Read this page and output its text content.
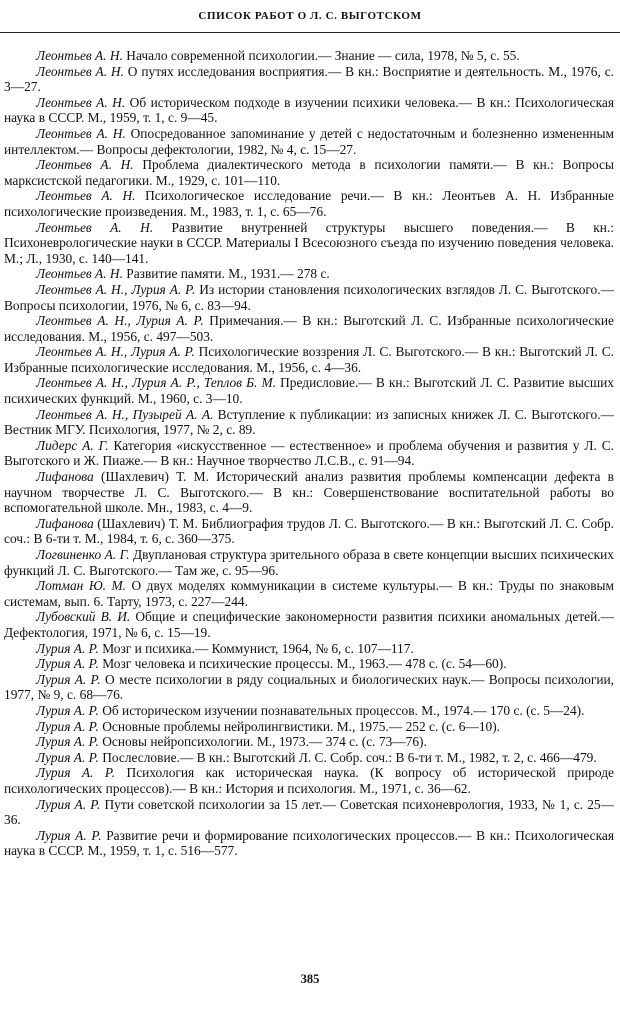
СПИСОК РАБОТ О Л. С. ВЫГОТСКОМ

Леонтьев А. Н. Начало современной психологии.— Знание — сила, 1978, № 5, с. 55.

Леонтьев А. Н. О путях исследования восприятия.— В кн.: Восприятие и деятельность. М., 1976, с. 3—27.

Леонтьев А. Н. Об историческом подходе в изучении психики человека.— В кн.: Психологическая наука в СССР. М., 1959, т. 1, с. 9—45.

Леонтьев А. Н. Опосредованное запоминание у детей с недостаточным и болезненно измененным интеллектом.— Вопросы дефектологии, 1982, № 4, с. 15—27.

Леонтьев А. Н. Проблема диалектического метода в психологии памяти.— В кн.: Вопросы марксистской педагогики. М., 1929, с. 101—110.

Леонтьев А. Н. Психологическое исследование речи.— В кн.: Леонтьев А. Н. Избранные психологические произведения. М., 1983, т. 1, с. 65—76.

Леонтьев А. Н. Развитие внутренней структуры высшего поведения.— В кн.: Психоневрологические науки в СССР. Материалы I Всесоюзного съезда по изучению поведения человека. М.; Л., 1930, с. 140—141.

Леонтьев А. Н. Развитие памяти. М., 1931.— 278 с.

Леонтьев А. Н., Лурия А. Р. Из истории становления психологических взглядов Л. С. Выготского.— Вопросы психологии, 1976, № 6, с. 83—94.

Леонтьев А. Н., Лурия А. Р. Примечания.— В кн.: Выготский Л. С. Избранные психологические исследования. М., 1956, с. 497—503.

Леонтьев А. Н., Лурия А. Р. Психологические воззрения Л. С. Выготского.— В кн.: Выготский Л. С. Избранные психологические исследования. М., 1956, с. 4—36.

Леонтьев А. Н., Лурия А. Р., Теплов Б. М. Предисловие.— В кн.: Выготский Л. С. Развитие высших психических функций. М., 1960, с. 3—10.

Леонтьев А. Н., Пузырей А. А. Вступление к публикации: из записных книжек Л. С. Выготского.— Вестник МГУ. Психология, 1977, № 2, с. 89.

Лидерс А. Г. Категория «искусственное — естественное» и проблема обучения и развития у Л. С. Выготского и Ж. Пиаже.— В кн.: Научное творчество Л.С.В., с. 91—94.

Лифанова (Шахлевич) Т. М. Исторический анализ развития проблемы компенсации дефекта в научном творчестве Л. С. Выготского.— В кн.: Совершенствование воспитательной работы во вспомогательной школе. Мн., 1983, с. 4—9.

Лифанова (Шахлевич) Т. М. Библиография трудов Л. С. Выготского.— В кн.: Выготский Л. С. Собр. соч.: В 6-ти т. М., 1984, т. 6, с. 360—375.

Логвиненко А. Г. Двуплановая структура зрительного образа в свете концепции высших психических функций Л. С. Выготского.— Там же, с. 95—96.

Лотман Ю. М. О двух моделях коммуникации в системе культуры.— В кн.: Труды по знаковым системам, вып. 6. Тарту, 1973, с. 227—244.

Лубовский В. И. Общие и специфические закономерности развития психики аномальных детей.— Дефектология, 1971, № 6, с. 15—19.

Лурия А. Р. Мозг и психика.— Коммунист, 1964, № 6, с. 107—117.

Лурия А. Р. Мозг человека и психические процессы. М., 1963.— 478 с. (с. 54—60).

Лурия А. Р. О месте психологии в ряду социальных и биологических наук.— Вопросы психологии, 1977, № 9, с. 68—76.

Лурия А. Р. Об историческом изучении познавательных процессов. М., 1974.— 170 с. (с. 5—24).

Лурия А. Р. Основные проблемы нейролингвистики. М., 1975.— 252 с. (с. 6—10).

Лурия А. Р. Основы нейропсихологии. М., 1973.— 374 с. (с. 73—76).

Лурия А. Р. Послесловие.— В кн.: Выготский Л. С. Собр. соч.: В 6-ти т. М., 1982, т. 2, с. 466—479.

Лурия А. Р. Психология как историческая наука. (К вопросу об исторической природе психологических процессов).— В кн.: История и психология. М., 1971, с. 36—62.

Лурия А. Р. Пути советской психологии за 15 лет.— Советская психоневрология, 1933, № 1, с. 25—36.

Лурия А. Р. Развитие речи и формирование психологических процессов.— В кн.: Психологическая наука в СССР. М., 1959, т. 1, с. 516—577.

385
